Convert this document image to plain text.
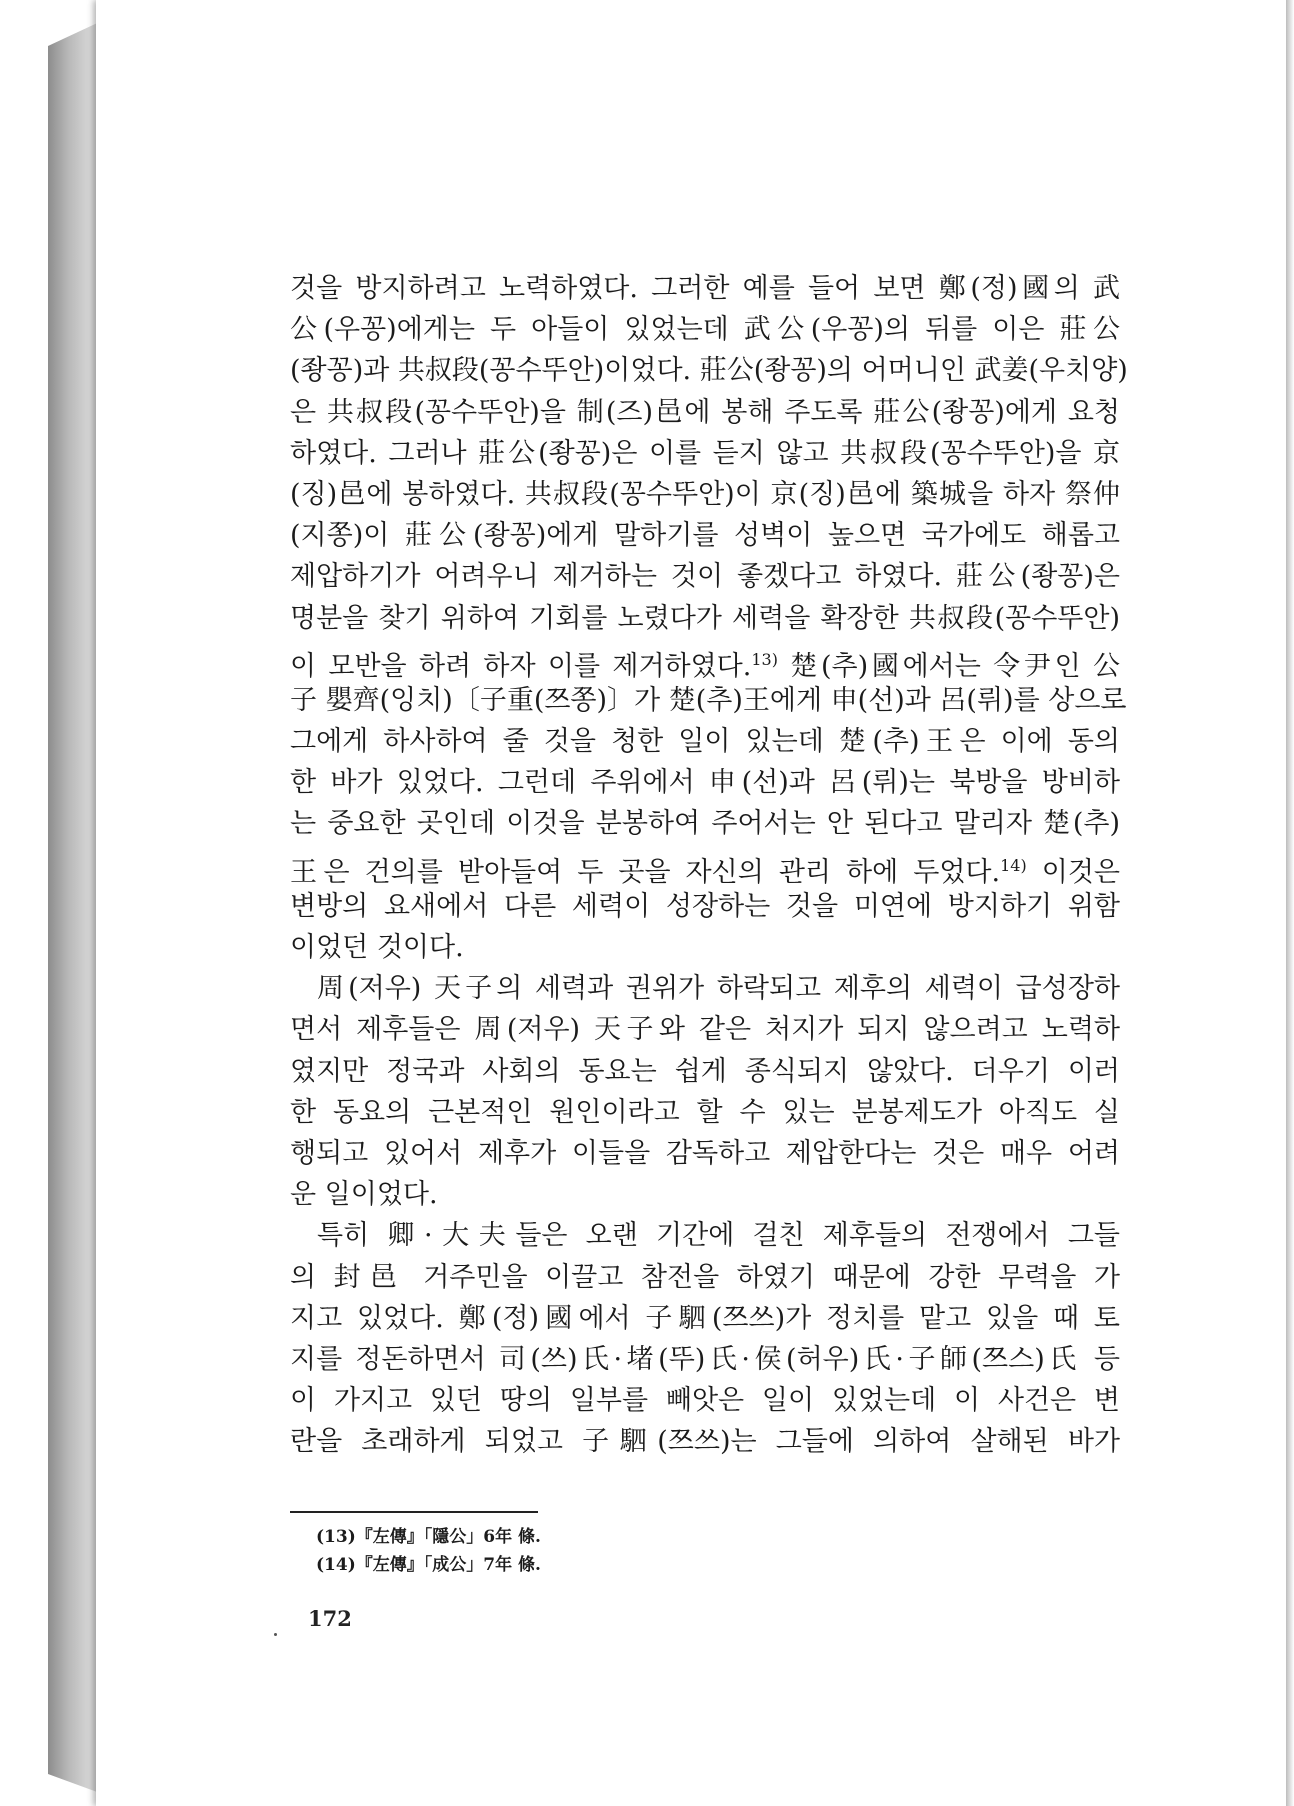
것을 방지하려고 노력하였다. 그러한 예를 들어 보면 鄭(정)國의 武
公(우꽁)에게는 두 아들이 있었는데 武公(우꽁)의 뒤를 이은 莊公
(좡꽁)과 共叔段(꽁수뚜안)이었다. 莊公(좡꽁)의 어머니인 武姜(우치양)
은 共叔段(꽁수뚜안)을 制(즈)邑에 봉해 주도록 莊公(좡꽁)에게 요청
하였다. 그러나 莊公(좡꽁)은 이를 듣지 않고 共叔段(꽁수뚜안)을 京
(징)邑에 봉하였다. 共叔段(꽁수뚜안)이 京(징)邑에 築城을 하자 祭仲
(지쫑)이 莊公(좡꽁)에게 말하기를 성벽이 높으면 국가에도 해롭고
제압하기가 어려우니 제거하는 것이 좋겠다고 하였다. 莊公(좡꽁)은
명분을 찾기 위하여 기회를 노렸다가 세력을 확장한 共叔段(꽁수뚜안)
이 모반을 하려 하자 이를 제거하였다.$^{13)}$ 楚(추)國에서는 令尹인 公
子 嬰齊(잉치)〔子重(쯔쫑)〕가 楚(추)王에게 申(선)과 呂(뤼)를 상으로
그에게 하사하여 줄 것을 청한 일이 있는데 楚(추)王은 이에 동의
한 바가 있었다. 그런데 주위에서 申(선)과 呂(뤼)는 북방을 방비하
는 중요한 곳인데 이것을 분봉하여 주어서는 안 된다고 말리자 楚(추)
王은 건의를 받아들여 두 곳을 자신의 관리 하에 두었다.$^{14)}$ 이것은
변방의 요새에서 다른 세력이 성장하는 것을 미연에 방지하기 위함
이었던 것이다.
周(저우) 天子의 세력과 권위가 하락되고 제후의 세력이 급성장하
면서 제후들은 周(저우) 天子와 같은 처지가 되지 않으려고 노력하
였지만 정국과 사회의 동요는 쉽게 종식되지 않았다. 더우기 이러
한 동요의 근본적인 원인이라고 할 수 있는 분봉제도가 아직도 실
행되고 있어서 제후가 이들을 감독하고 제압한다는 것은 매우 어려
운 일이었다.
특히 卿·大夫들은 오랜 기간에 걸친 제후들의 전쟁에서 그들
의 封邑 거주민을 이끌고 참전을 하였기 때문에 강한 무력을 가
지고 있었다. 鄭(정)國에서 子駟(쯔쓰)가 정치를 맡고 있을 때 토
지를 정돈하면서 司(쓰)氏·堵(뚜)氏·侯(허우)氏·子師(쯔스)氏 등
이 가지고 있던 땅의 일부를 빼앗은 일이 있었는데 이 사건은 변
란을 초래하게 되었고 子駟(쯔쓰)는 그들에 의하여 살해된 바가
(13)『左傳』「隱公」6年 條.
(14)『左傳』「成公」7年 條.
172
